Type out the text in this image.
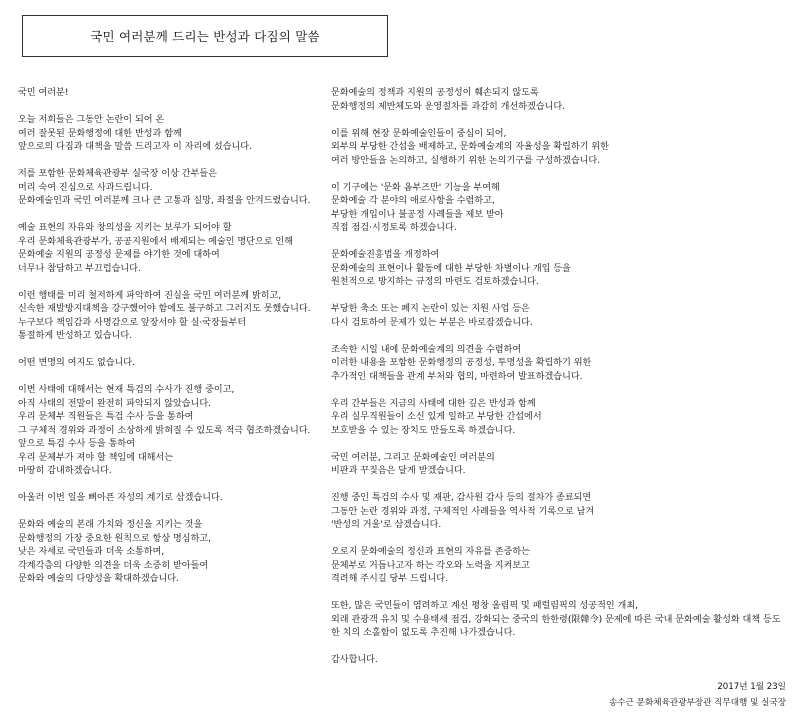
국민 여러분께 드리는 반성과 다짐의 말씀
국민 여러분!
오늘 저희들은 그동안 논란이 되어 온
여러 잘못된 문화행정에 대한 반성과 함께
앞으로의 다짐과 대책을 말씀 드리고자 이 자리에 섰습니다.
저를 포함한 문화체육관광부 실국장 이상 간부들은
머리 숙여 진심으로 사과드립니다.
문화예술인과 국민 여러분께 크나 큰 고통과 실망, 좌절을 안겨드렸습니다.
예술 표현의 자유와 창의성을 지키는 보루가 되어야 할
우리 문화체육관광부가, 공공지원에서 배제되는 예술인 명단으로 인해
문화예술 지원의 공정성 문제를 야기한 것에 대하여
너무나 참담하고 부끄럽습니다.
이런 행태를 미리 철저하게 파악하여 진실을 국민 여러분께 밝히고,
신속한 재발방지대책을 강구했어야 함에도 불구하고 그러지도 못했습니다.
누구보다 책임감과 사명감으로 앞장서야 할 실·국장들부터
통절하게 반성하고 있습니다.
어떤 변명의 여지도 없습니다.
이번 사태에 대해서는 현재 특검의 수사가 진행 중이고,
아직 사태의 전말이 완전히 파악되지 않았습니다.
우리 문체부 직원들은 특검 수사 등을 통하여
그 구체적 경위와 과정이 소상하게 밝혀질 수 있도록 적극 협조하겠습니다.
앞으로 특검 수사 등을 통하여
우리 문체부가 져야 할 책임에 대해서는
마땅히 감내하겠습니다.
아울러 이번 일을 뼈아픈 자성의 계기로 삼겠습니다.
문화와 예술의 본래 가치와 정신을 지키는 것을
문화행정의 가장 중요한 원칙으로 항상 명심하고,
낮은 자세로 국민들과 더욱 소통하며,
각계각층의 다양한 의견을 더욱 소중히 받아들여
문화와 예술의 다양성을 확대하겠습니다.
문화예술의 정책과 지원의 공정성이 훼손되지 않도록
문화행정의 제반체도와 운영절차를 과감히 개선하겠습니다.
이를 위해 현장 문화예술인들이 중심이 되어,
외부의 부당한 간섭을 배제하고, 문화예술계의 자율성을 확립하기 위한
여러 방안들을 논의하고, 실행하기 위한 논의기구를 구성하겠습니다.
이 기구에는 '문화 옴부즈만' 기능을 부여해
문화예술 각 분야의 애로사항을 수렴하고,
부당한 개입이나 불공정 사례들을 제보 받아
직접 점검·시정토록 하겠습니다.
문화예술진흥법을 개정하여
문화예술의 표현이나 활동에 대한 부당한 차별이나 개입 등을
원천적으로 방지하는 규정의 마련도 검토하겠습니다.
부당한 축소 또는 폐지 논란이 있는 지원 사업 등은
다시 검토하여 문제가 있는 부분은 바로잡겠습니다.
조속한 시일 내에 문화예술계의 의견을 수렴하여
이러한 내용을 포함한 문화행정의 공정성, 투명성을 확립하기 위한
추가적인 대책들을 관계 부처와 협의, 마련하여 발표하겠습니다.
우리 간부들은 지금의 사태에 대한 깊은 반성과 함께
우리 실무직원들이 소신 있게 일하고 부당한 간섭에서
보호받을 수 있는 장치도 만들도록 하겠습니다.
국민 여러분, 그리고 문화예술인 여러분의
비판과 꾸짖음은 달게 받겠습니다.
진행 중인 특검의 수사 및 재판, 감사원 감사 등의 절차가 종료되면
그동안 논란 경위와 과정, 구체적인 사례들을 역사적 기록으로 남겨
'반성의 거울'로 삼겠습니다.
오로지 문화예술의 정신과 표현의 자유를 존중하는
문체부로 거듭나고자 하는 각오와 노력을 지켜보고
격려해 주시길 당부 드립니다.
또한, 많은 국민들이 염려하고 계신 평창 올림픽 및 패럴림픽의 성공적인 개최,
외래 관광객 유치 및 수용태세 점검, 강화되는 중국의 한한령(限韓令) 문제에 따른 국내 문화예술 활성화 대책 등도
한 치의 소홀함이 없도록 추진해 나가겠습니다.
감사합니다.
2017년 1월 23일
송수근 문화체육관광부장관 직무대행 및 실국장
